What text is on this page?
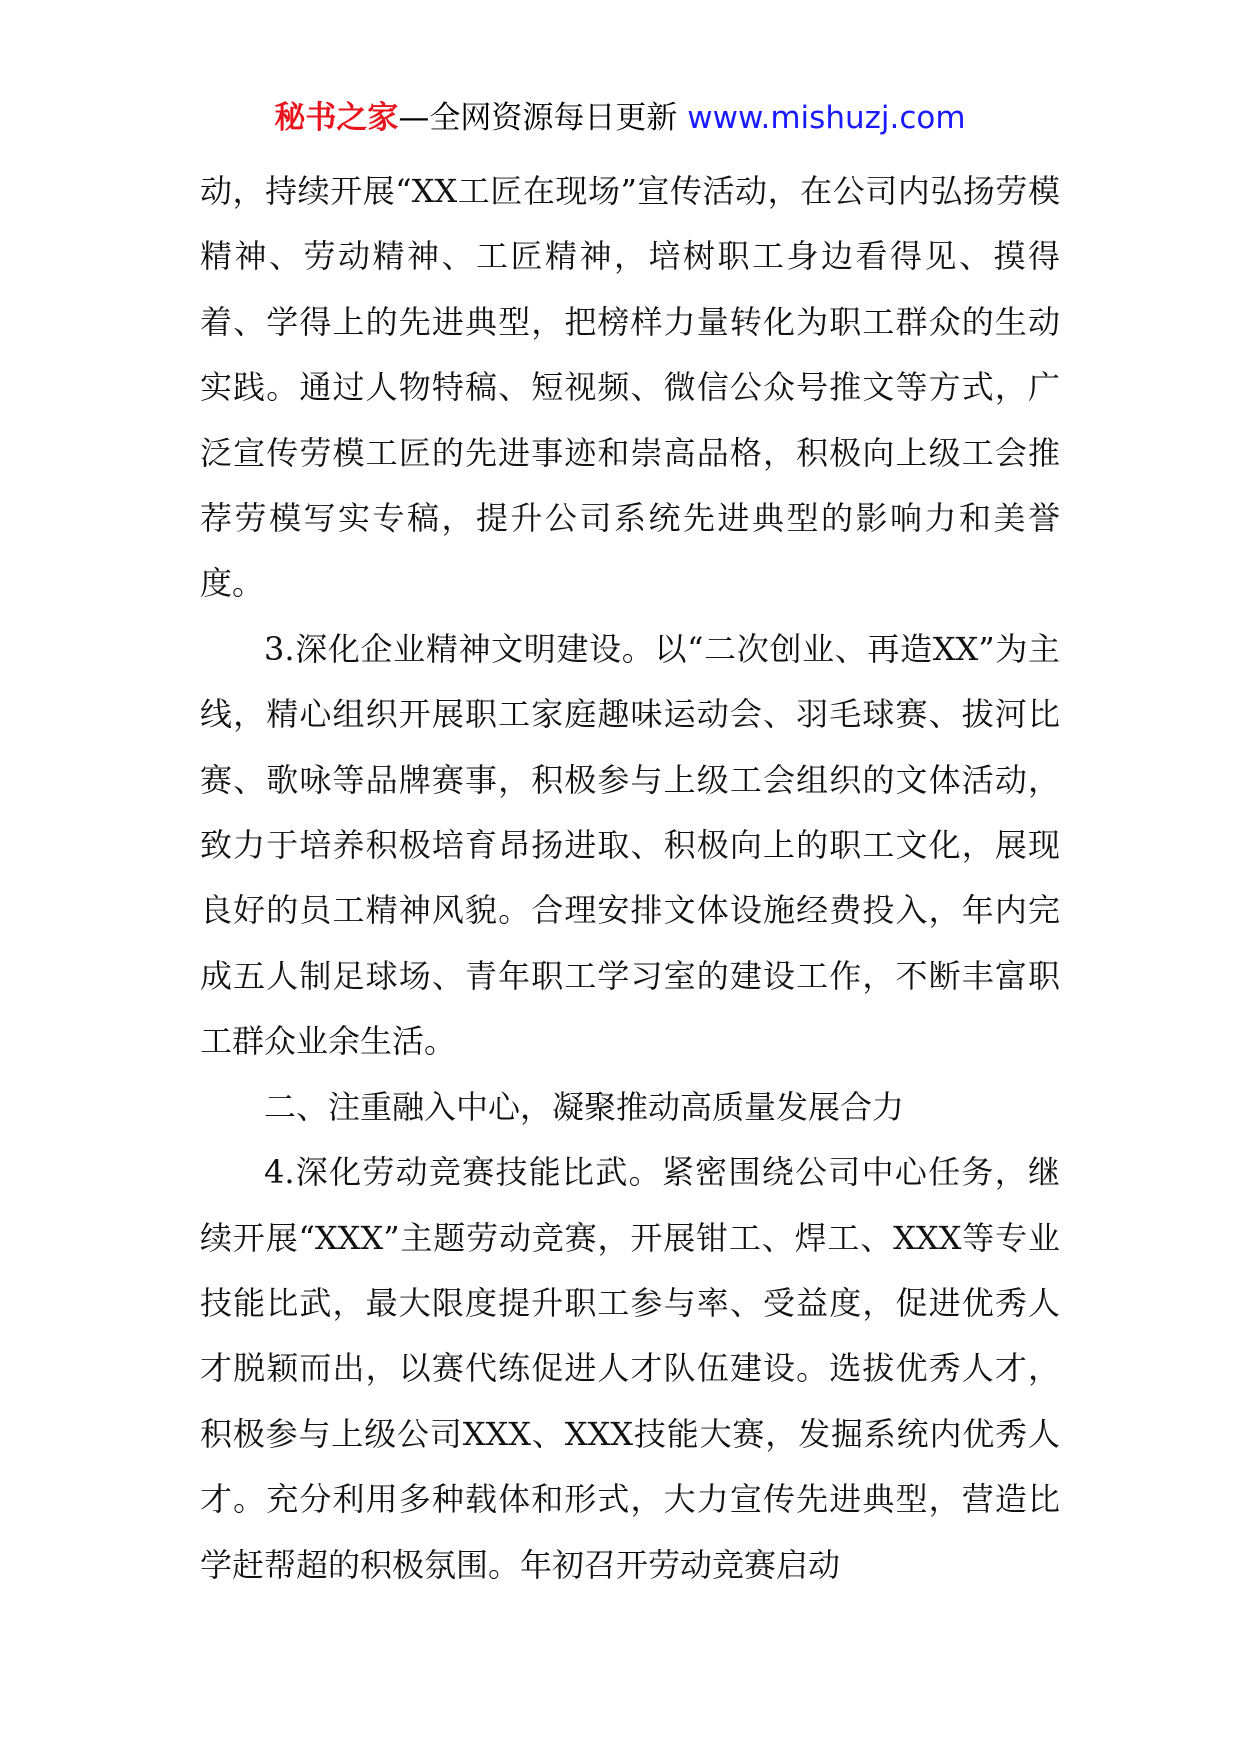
秘书之家—全网资源每日更新 www.mishuzj.com

动，持续开展“XX工匠在现场”宣传活动，在公司内弘扬劳模精神、劳动精神、工匠精神，培树职工身边看得见、摸得着、学得上的先进典型，把榜样力量转化为职工群众的生动实践。通过人物特稿、短视频、微信公众号推文等方式，广泛宣传劳模工匠的先进事迹和崇高品格，积极向上级工会推荐劳模写实专稿，提升公司系统先进典型的影响力和美誉度。

3.深化企业精神文明建设。以“二次创业、再造XX”为主线，精心组织开展职工家庭趣味运动会、羽毛球赛、拔河比赛、歌咏等品牌赛事，积极参与上级工会组织的文体活动，致力于培养积极培育昂扬进取、积极向上的职工文化，展现良好的员工精神风貌。合理安排文体设施经费投入，年内完成五人制足球场、青年职工学习室的建设工作，不断丰富职工群众业余生活。

二、注重融入中心，凝聚推动高质量发展合力

4.深化劳动竞赛技能比武。紧密围绕公司中心任务，继续开展“XXX”主题劳动竞赛，开展钳工、焊工、XXX等专业技能比武，最大限度提升职工参与率、受益度，促进优秀人才脱颖而出，以赛代练促进人才队伍建设。选拔优秀人才，积极参与上级公司XXX、XXX技能大赛，发掘系统内优秀人才。充分利用多种载体和形式，大力宣传先进典型，营造比学赶帮超的积极氛围。年初召开劳动竞赛启动
